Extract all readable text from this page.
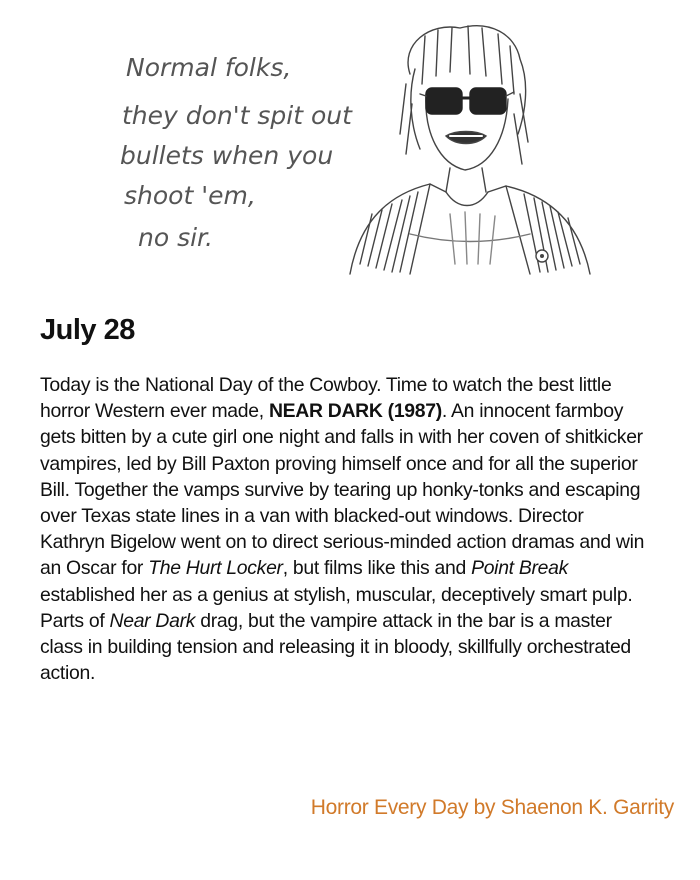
Normal folks,
they don't spit out
bullets when you
shoot 'em,
no sir.
July 28
Today is the National Day of the Cowboy. Time to watch the best little horror Western ever made, NEAR DARK (1987). An innocent farmboy gets bitten by a cute girl one night and falls in with her coven of shitkicker vampires, led by Bill Paxton proving himself once and for all the superior Bill. Together the vamps survive by tearing up honky-tonks and escaping over Texas state lines in a van with blacked-out windows. Director Kathryn Bigelow went on to direct serious-minded action dramas and win an Oscar for The Hurt Locker, but films like this and Point Break established her as a genius at stylish, muscular, deceptively smart pulp. Parts of Near Dark drag, but the vampire attack in the bar is a master class in building tension and releasing it in bloody, skillfully orchestrated action.
Horror Every Day by Shaenon K. Garrity
